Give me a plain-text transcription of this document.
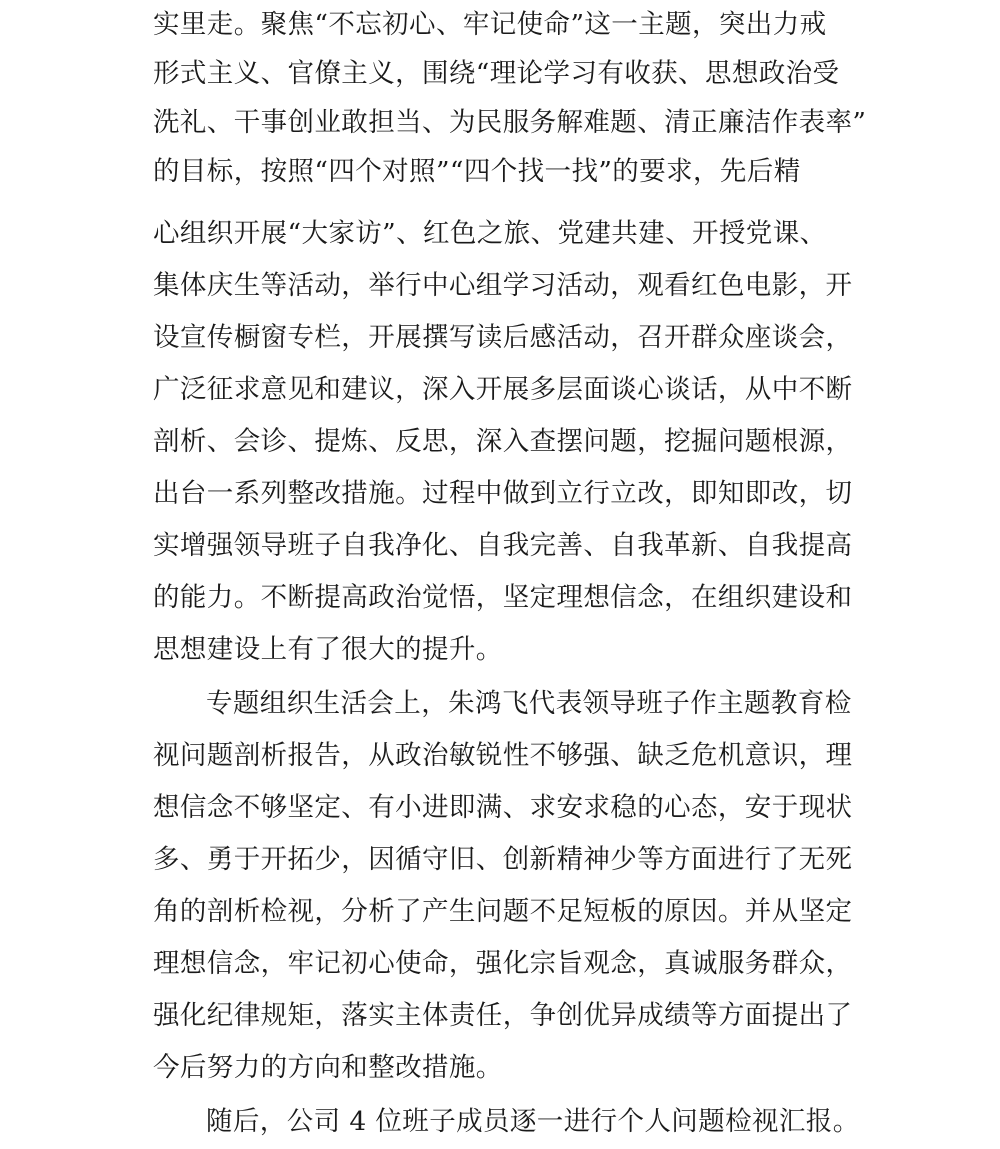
实里走。聚焦“不忘初心、牢记使命”这一主题，突出力戒
形式主义、官僚主义，围绕“理论学习有收获、思想政治受
洗礼、干事创业敢担当、为民服务解难题、清正廉洁作表率”
的目标，按照“四个对照”“四个找一找”的要求，先后精
心组织开展“大家访”、红色之旅、党建共建、开授党课、
集体庆生等活动，举行中心组学习活动，观看红色电影，开
设宣传橱窗专栏，开展撰写读后感活动，召开群众座谈会，
广泛征求意见和建议，深入开展多层面谈心谈话，从中不断
剖析、会诊、提炼、反思，深入查摆问题，挖掘问题根源，
出台一系列整改措施。过程中做到立行立改，即知即改，切
实增强领导班子自我净化、自我完善、自我革新、自我提高
的能力。不断提高政治觉悟，坚定理想信念，在组织建设和
思想建设上有了很大的提升。
专题组织生活会上，朱鸿飞代表领导班子作主题教育检
视问题剖析报告，从政治敏锐性不够强、缺乏危机意识，理
想信念不够坚定、有小进即满、求安求稳的心态，安于现状
多、勇于开拓少，因循守旧、创新精神少等方面进行了无死
角的剖析检视，分析了产生问题不足短板的原因。并从坚定
理想信念，牢记初心使命，强化宗旨观念，真诚服务群众，
强化纪律规矩，落实主体责任，争创优异成绩等方面提出了
今后努力的方向和整改措施。
随后，公司 4 位班子成员逐一进行个人问题检视汇报。
